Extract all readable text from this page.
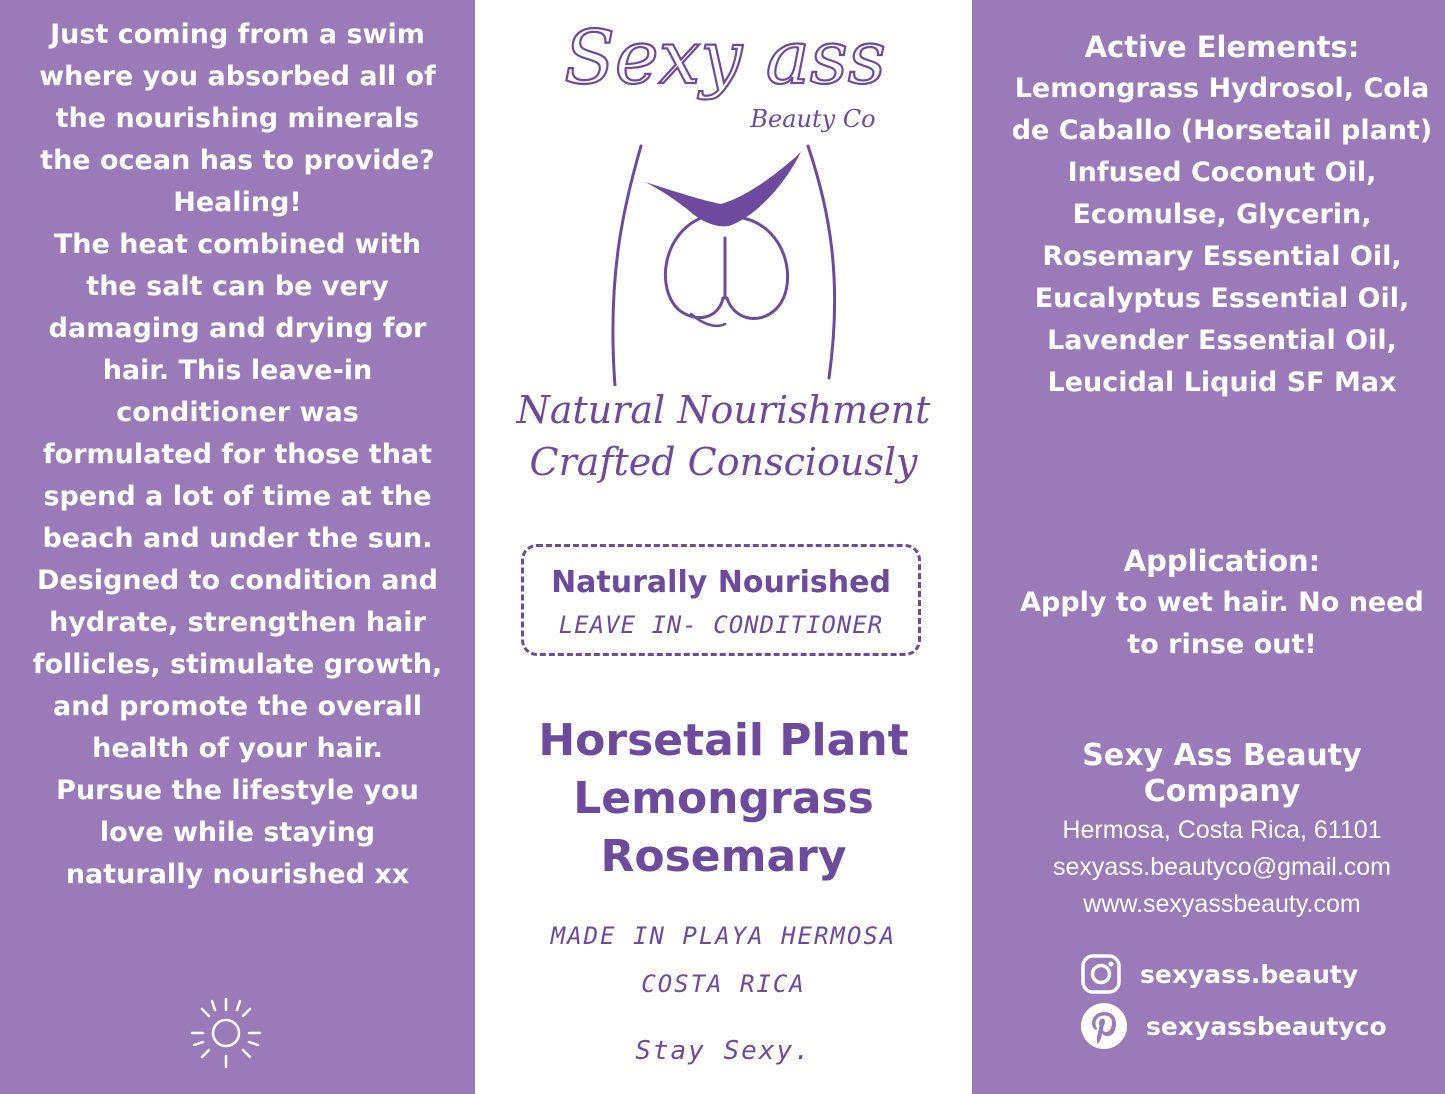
Just coming from a swim where you absorbed all of the nourishing minerals the ocean has to provide? Healing!

The heat combined with the salt can be very damaging and drying for hair. This leave-in conditioner was formulated for those that spend a lot of time at the beach and under the sun. Designed to condition and hydrate, strengthen hair follicles, stimulate growth, and promote the overall health of your hair.

Pursue the lifestyle you love while staying naturally nourished xx

Sexy ass
Beauty Co
Natural Nourishment
Crafted Consciously
Naturally Nourished
LEAVE IN- CONDITIONER
Horsetail Plant
Lemongrass
Rosemary
MADE IN PLAYA HERMOSA
COSTA RICA
Stay Sexy.
Active Elements:
Lemongrass Hydrosol, Cola de Caballo (Horsetail plant) Infused Coconut Oil, Ecomulse, Glycerin, Rosemary Essential Oil, Eucalyptus Essential Oil, Lavender Essential Oil, Leucidal Liquid SF Max
Application:
Apply to wet hair. No need to rinse out!
Sexy Ass Beauty Company
Hermosa, Costa Rica, 61101
sexyass.beautyco@gmail.com
www.sexyassbeauty.com
sexyass.beauty
sexyassbeautyco
